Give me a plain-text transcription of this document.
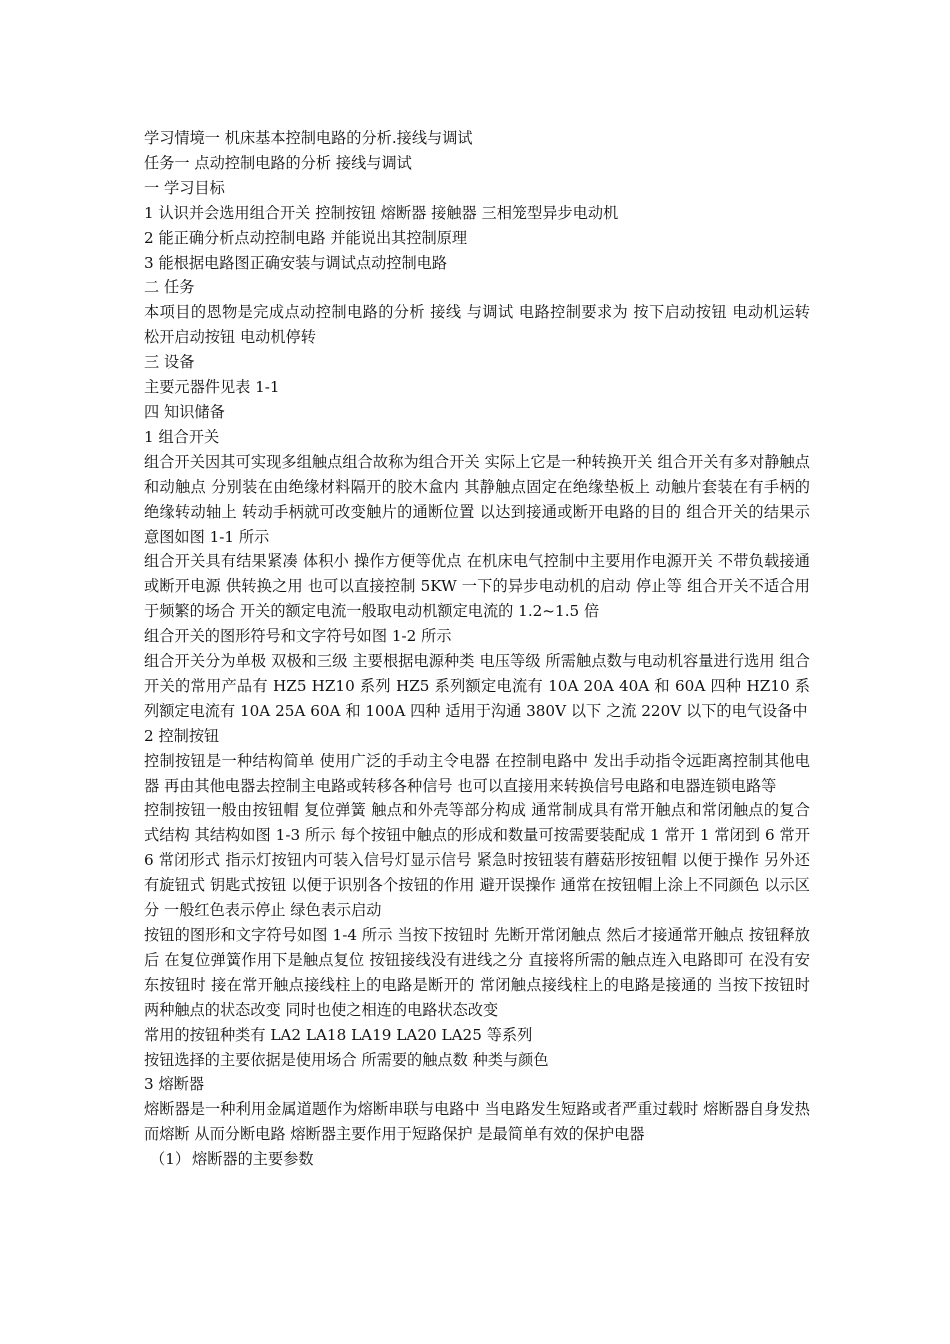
学习情境一 机床基本控制电路的分析.接线与调试
任务一 点动控制电路的分析 接线与调试
一 学习目标
1 认识并会选用组合开关 控制按钮 熔断器 接触器 三相笼型异步电动机
2 能正确分析点动控制电路 并能说出其控制原理
3 能根据电路图正确安装与调试点动控制电路
二 任务
本项目的恩物是完成点动控制电路的分析 接线 与调试 电路控制要求为 按下启动按钮 电动机运转 松开启动按钮 电动机停转
三 设备
主要元器件见表 1-1
四 知识储备
1 组合开关
组合开关因其可实现多组触点组合故称为组合开关 实际上它是一种转换开关 组合开关有多对静触点和动触点 分别装在由绝缘材料隔开的胶木盒内 其静触点固定在绝缘垫板上 动触片套装在有手柄的绝缘转动轴上 转动手柄就可改变触片的通断位置 以达到接通或断开电路的目的 组合开关的结果示意图如图 1-1 所示
组合开关具有结果紧凑 体积小 操作方便等优点 在机床电气控制中主要用作电源开关 不带负载接通或断开电源 供转换之用 也可以直接控制 5KW 一下的异步电动机的启动 停止等 组合开关不适合用于频繁的场合 开关的额定电流一般取电动机额定电流的 1.2~1.5 倍
组合开关的图形符号和文字符号如图 1-2 所示
组合开关分为单极 双极和三级 主要根据电源种类 电压等级 所需触点数与电动机容量进行选用 组合开关的常用产品有 HZ5 HZ10 系列 HZ5 系列额定电流有 10A 20A 40A 和 60A 四种 HZ10 系列额定电流有 10A 25A 60A 和 100A 四种 适用于沟通 380V 以下 之流 220V 以下的电气设备中
2 控制按钮
控制按钮是一种结构简单 使用广泛的手动主令电器 在控制电路中 发出手动指令远距离控制其他电器 再由其他电器去控制主电路或转移各种信号 也可以直接用来转换信号电路和电器连锁电路等
控制按钮一般由按钮帽 复位弹簧 触点和外壳等部分构成 通常制成具有常开触点和常闭触点的复合式结构 其结构如图 1-3 所示 每个按钮中触点的形成和数量可按需要装配成 1 常开 1 常闭到 6 常开 6 常闭形式 指示灯按钮内可装入信号灯显示信号 紧急时按钮装有蘑菇形按钮帽 以便于操作 另外还有旋钮式 钥匙式按钮 以便于识别各个按钮的作用 避开误操作 通常在按钮帽上涂上不同颜色 以示区分 一般红色表示停止 绿色表示启动
按钮的图形和文字符号如图 1-4 所示 当按下按钮时 先断开常闭触点 然后才接通常开触点 按钮释放后 在复位弹簧作用下是触点复位 按钮接线没有进线之分 直接将所需的触点连入电路即可 在没有安东按钮时 接在常开触点接线柱上的电路是断开的 常闭触点接线柱上的电路是接通的 当按下按钮时 两种触点的状态改变 同时也使之相连的电路状态改变
常用的按钮种类有 LA2 LA18 LA19 LA20 LA25 等系列
按钮选择的主要依据是使用场合 所需要的触点数 种类与颜色
3 熔断器
熔断器是一种利用金属道题作为熔断串联与电路中 当电路发生短路或者严重过载时 熔断器自身发热而熔断 从而分断电路 熔断器主要作用于短路保护 是最简单有效的保护电器
（1） 熔断器的主要参数
